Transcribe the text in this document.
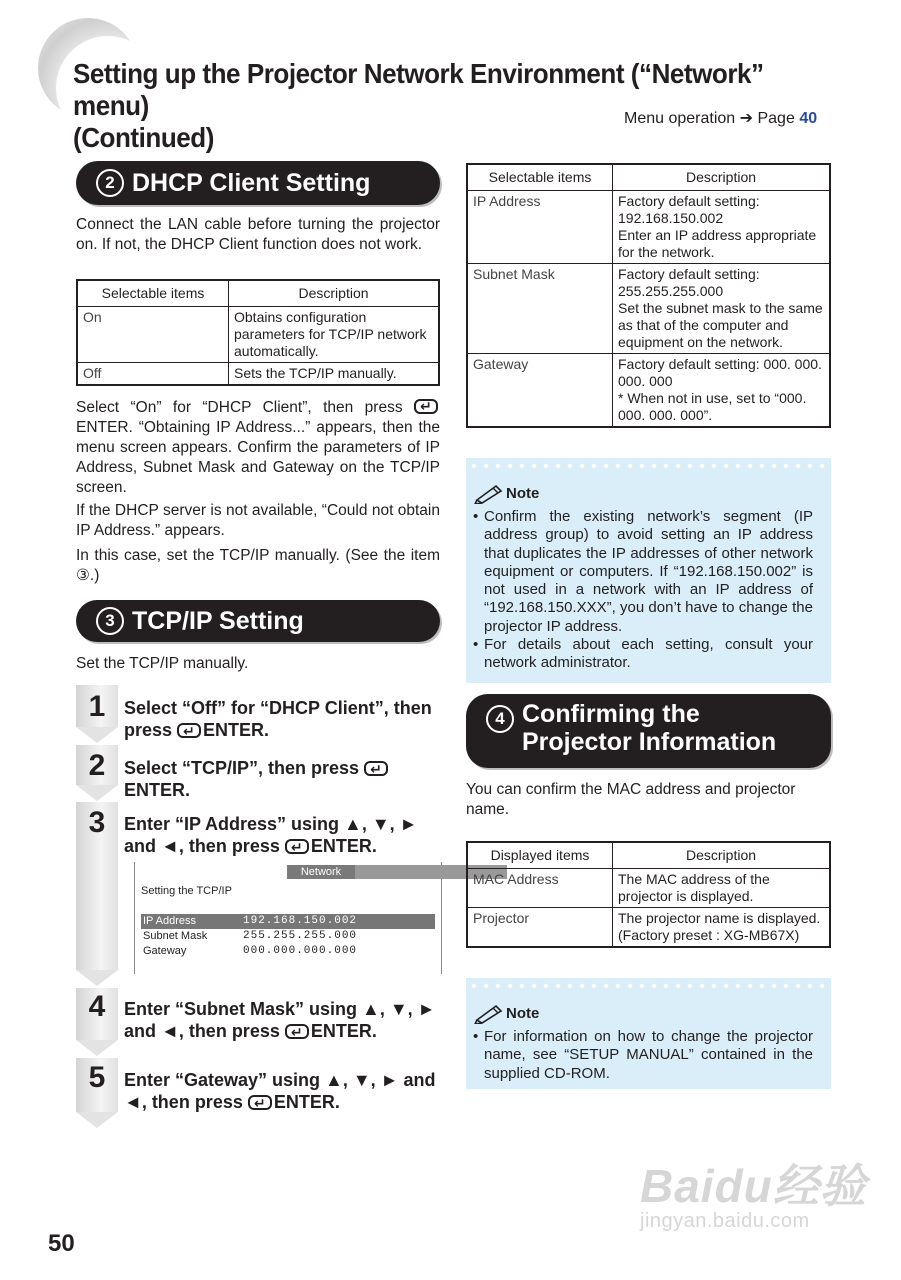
Setting up the Projector Network Environment (“Network” menu)
(Continued)
Menu operation ➔ Page 40
2 DHCP Client Setting
Connect the LAN cable before turning the projector on. If not, the DHCP Client function does not work.
Selectable items	Description
On	Obtains configuration parameters for TCP/IP network automatically.
Off	Sets the TCP/IP manually.
Select “On” for “DHCP Client”, then press ↵ENTER. “Obtaining IP Address...” appears, then the menu screen appears. Confirm the parameters of IP Address, Subnet Mask and Gateway on the TCP/IP screen.
If the DHCP server is not available, “Could not obtain IP Address.” appears.
In this case, set the TCP/IP manually. (See the item ③.)
3 TCP/IP Setting
Set the TCP/IP manually.
1	Select “Off” for “DHCP Client”, then press ↵ENTER.
2	Select “TCP/IP”, then press ↵ENTER.
3	Enter “IP Address” using ▲, ▼, ► and ◄, then press ↵ENTER.
Network
Setting the TCP/IP
IP Address	192.168.150.002
Subnet Mask	255.255.255.000
Gateway	000.000.000.000
4	Enter “Subnet Mask” using ▲, ▼, ► and ◄, then press ↵ENTER.
5	Enter “Gateway” using ▲, ▼, ► and ◄, then press ↵ENTER.
Selectable items	Description
IP Address	Factory default setting: 192.168.150.002
Enter an IP address appropriate for the network.
Subnet Mask	Factory default setting: 255.255.255.000
Set the subnet mask to the same as that of the computer and equipment on the network.
Gateway	Factory default setting: 000. 000. 000. 000
* When not in use, set to “000. 000. 000. 000”.
Note
• Confirm the existing network’s segment (IP address group) to avoid setting an IP address that duplicates the IP addresses of other network equipment or computers. If “192.168.150.002” is not used in a network with an IP address of “192.168.150.XXX”, you don’t have to change the projector IP address.
• For details about each setting, consult your network administrator.
4 Confirming the
Projector Information
You can confirm the MAC address and projector name.
Displayed items	Description
MAC Address	The MAC address of the projector is displayed.
Projector	The projector name is displayed. (Factory preset : XG-MB67X)
Note
• For information on how to change the projector name, see “SETUP MANUAL” contained in the supplied CD-ROM.
50
Baidu经验
jingyan.baidu.com
